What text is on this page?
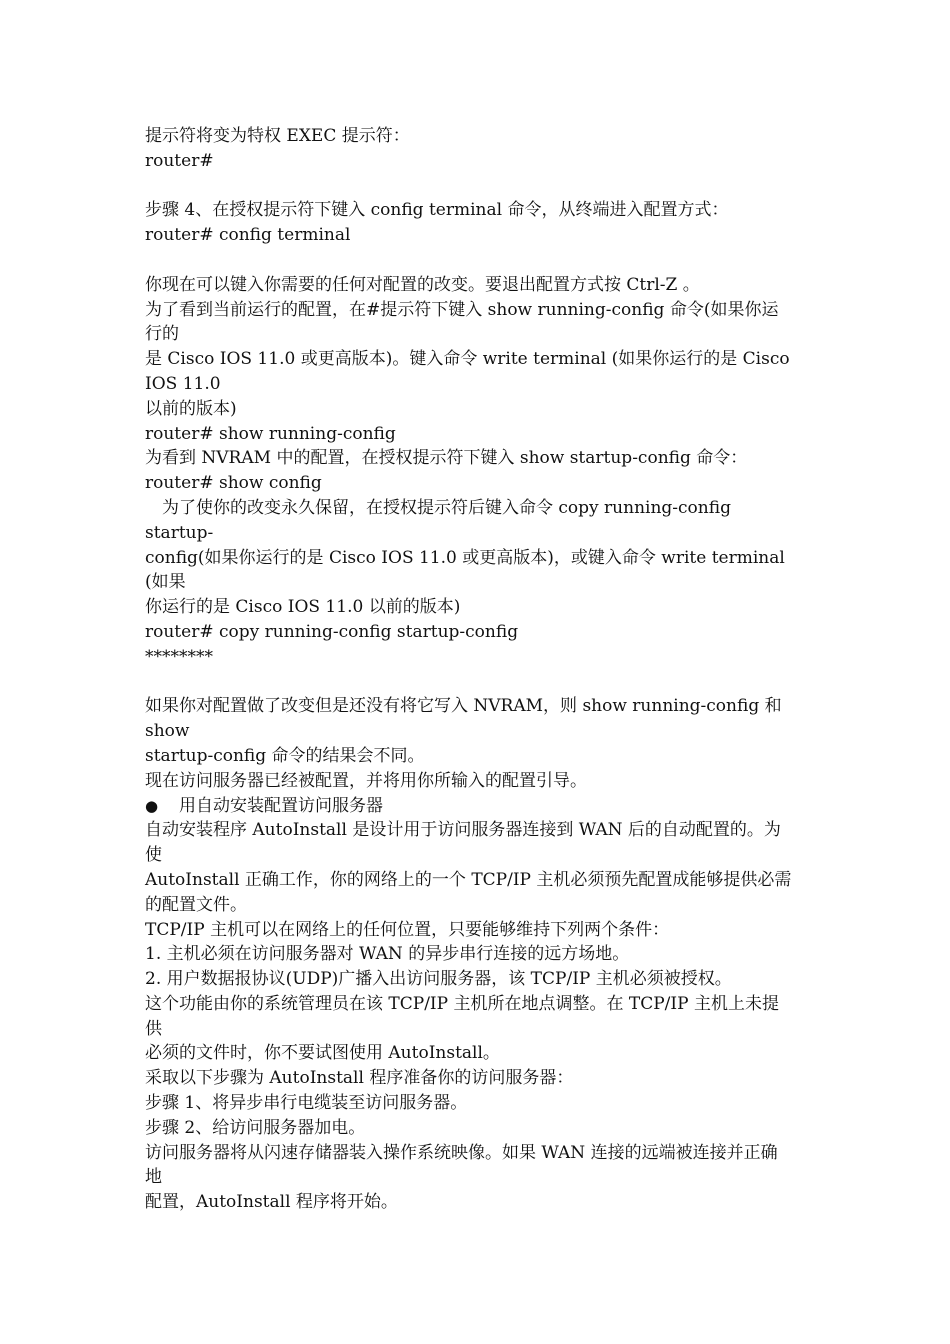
提示符将变为特权 EXEC 提示符：
router#
步骤 4、在授权提示符下键入 config terminal 命令，从终端进入配置方式：
router# config terminal
你现在可以键入你需要的任何对配置的改变。要退出配置方式按 Ctrl-Z 。
为了看到当前运行的配置，在#提示符下键入 show running-config 命令(如果你运
行的
是 Cisco IOS 11.0 或更高版本)。键入命令 write terminal (如果你运行的是 Cisco
IOS 11.0
以前的版本)
router# show running-config
为看到 NVRAM 中的配置，在授权提示符下键入 show startup-config 命令：
router# show config
为了使你的改变永久保留，在授权提示符后键入命令 copy running-config
startup-
config(如果你运行的是 Cisco IOS 11.0 或更高版本)，或键入命令 write terminal
(如果
你运行的是 Cisco IOS 11.0 以前的版本)
router# copy running-config startup-config
********
如果你对配置做了改变但是还没有将它写入 NVRAM，则 show running-config 和
show
startup-config 命令的结果会不同。
现在访问服务器已经被配置，并将用你所输入的配置引导。
● 用自动安装配置访问服务器
自动安装程序 AutoInstall 是设计用于访问服务器连接到 WAN 后的自动配置的。为
使
AutoInstall 正确工作，你的网络上的一个 TCP/IP 主机必须预先配置成能够提供必需
的配置文件。
TCP/IP 主机可以在网络上的任何位置，只要能够维持下列两个条件：
1. 主机必须在访问服务器对 WAN 的异步串行连接的远方场地。
2. 用户数据报协议(UDP)广播入出访问服务器，该 TCP/IP 主机必须被授权。
这个功能由你的系统管理员在该 TCP/IP 主机所在地点调整。在 TCP/IP 主机上未提
供
必须的文件时，你不要试图使用 AutoInstall。
采取以下步骤为 AutoInstall 程序准备你的访问服务器：
步骤 1、将异步串行电缆装至访问服务器。
步骤 2、给访问服务器加电。
访问服务器将从闪速存储器装入操作系统映像。如果 WAN 连接的远端被连接并正确
地
配置，AutoInstall 程序将开始。
